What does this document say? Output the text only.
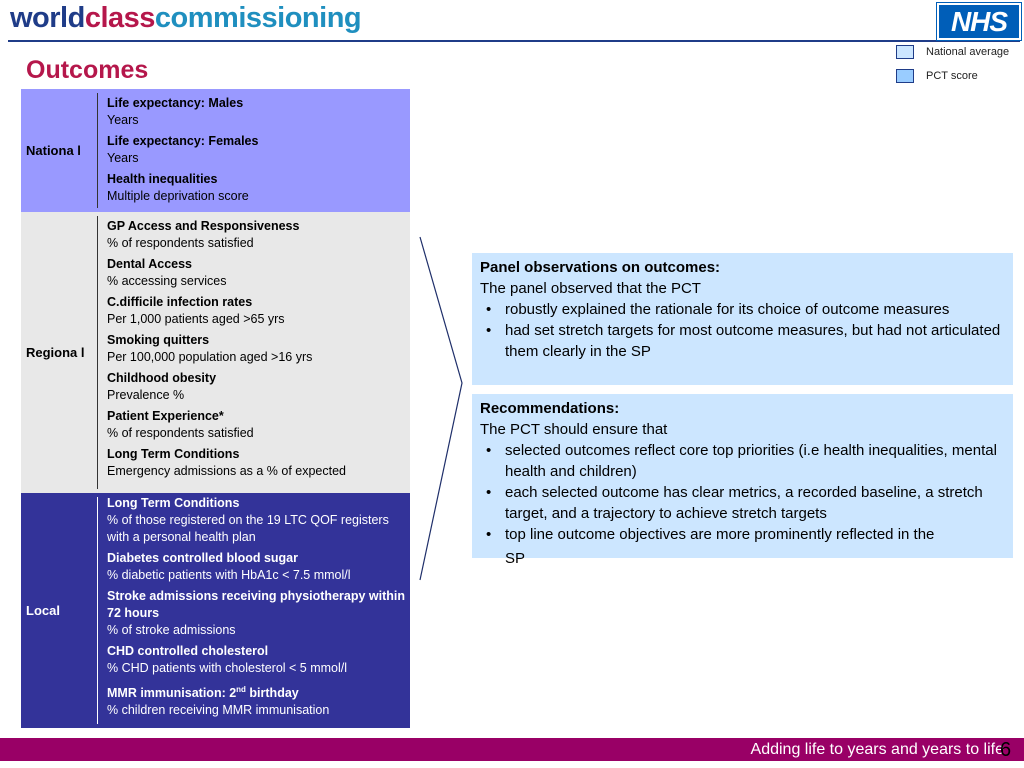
worldclasscommissioning	NHS
Outcomes
National average
PCT score
Nationa l
Life expectancy: Males
Years
Life expectancy: Females
Years
Health inequalities
Multiple deprivation score
Regiona l
GP Access and Responsiveness
% of respondents satisfied
Dental Access
% accessing services
C.difficile infection rates
Per 1,000 patients aged >65 yrs
Smoking quitters
Per 100,000 population aged >16 yrs
Childhood obesity
Prevalence %
Patient Experience*
% of respondents satisfied
Long Term Conditions
Emergency admissions as a % of expected
Local
Long Term Conditions
% of those registered on the 19 LTC QOF registers with a personal health plan
Diabetes controlled blood sugar
% diabetic patients with HbA1c < 7.5 mmol/l
Stroke admissions receiving physiotherapy within 72 hours
% of stroke admissions
CHD controlled cholesterol
% CHD patients with cholesterol < 5 mmol/l
MMR immunisation: 2nd birthday
% children receiving MMR immunisation
Panel observations on outcomes:
The panel observed that the PCT
• robustly explained the rationale for its choice of outcome measures
• had set stretch targets for most outcome measures, but had not articulated them clearly in the SP
Recommendations:
The PCT should ensure that
• selected outcomes reflect core top priorities (i.e health inequalities, mental health and children)
• each selected outcome has clear metrics, a recorded baseline, a stretch target, and a trajectory to achieve stretch targets
• top line outcome objectives are more prominently reflected in the
SP
Adding life to years and years to life
6
